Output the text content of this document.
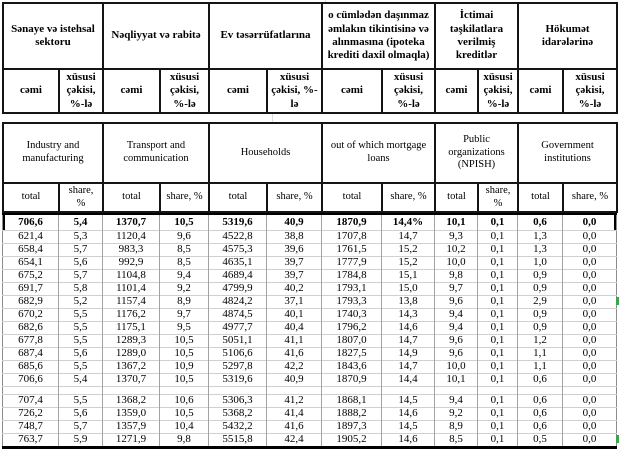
Sənaye və istehsal sektoru		Nəqliyyat və rabitə		Ev təsərrüfatlarına		o cümlədən daşınmaz əmlakın tikintisinə və alınmasına (ipoteka krediti daxil olmaqla)		İctimai təşkilatlara verilmiş kreditlər		Hökumət idarələrinə	
cəmi	xüsusi çəkisi, %-lə	cəmi	xüsusi çəkisi, %-lə	cəmi	xüsusi çəkisi, %-lə	cəmi	xüsusi çəkisi, %-lə	cəmi	xüsusi çəkisi, %-lə	cəmi	xüsusi çəkisi, %-lə
Industry and manufacturing		Transport and communication		Households		out of which mortgage loans		Public organizations (NPISH)		Government institutions	
total	share, %	total	share, %	total	share, %	total	share, %	total	share, %	total	share, %
706,6	5,4	1370,7	10,5	5319,6	40,9	1870,9	14,4%	10,1	0,1	0,6	0,0
621,4	5,3	1120,4	9,6	4522,8	38,8	1707,8	14,7	9,3	0,1	1,3	0,0
658,4	5,7	983,3	8,5	4575,3	39,6	1761,5	15,2	10,2	0,1	1,3	0,0
654,1	5,6	992,9	8,5	4635,1	39,7	1777,9	15,2	10,0	0,1	1,0	0,0
675,2	5,7	1104,8	9,4	4689,4	39,7	1784,8	15,1	9,8	0,1	0,9	0,0
691,7	5,8	1101,4	9,2	4799,9	40,2	1793,1	15,0	9,7	0,1	0,9	0,0
682,9	5,2	1157,4	8,9	4824,2	37,1	1793,3	13,8	9,6	0,1	2,9	0,0
670,2	5,5	1176,2	9,7	4874,5	40,1	1740,3	14,3	9,4	0,1	0,9	0,0
682,6	5,5	1175,1	9,5	4977,7	40,4	1796,2	14,6	9,4	0,1	0,9	0,0
677,8	5,5	1289,3	10,5	5051,1	41,1	1807,0	14,7	9,6	0,1	1,2	0,0
687,4	5,6	1289,0	10,5	5106,6	41,6	1827,5	14,9	9,6	0,1	1,1	0,0
685,6	5,5	1367,2	10,9	5297,8	42,2	1843,6	14,7	10,0	0,1	1,1	0,0
706,6	5,4	1370,7	10,5	5319,6	40,9	1870,9	14,4	10,1	0,1	0,6	0,0

707,4	5,5	1368,2	10,6	5306,3	41,2	1868,1	14,5	9,4	0,1	0,6	0,0
726,2	5,6	1359,0	10,5	5368,2	41,4	1888,2	14,6	9,2	0,1	0,6	0,0
748,7	5,7	1357,9	10,4	5432,2	41,6	1897,3	14,5	8,9	0,1	0,6	0,0
763,7	5,9	1271,9	9,8	5515,8	42,4	1905,2	14,6	8,5	0,1	0,5	0,0
